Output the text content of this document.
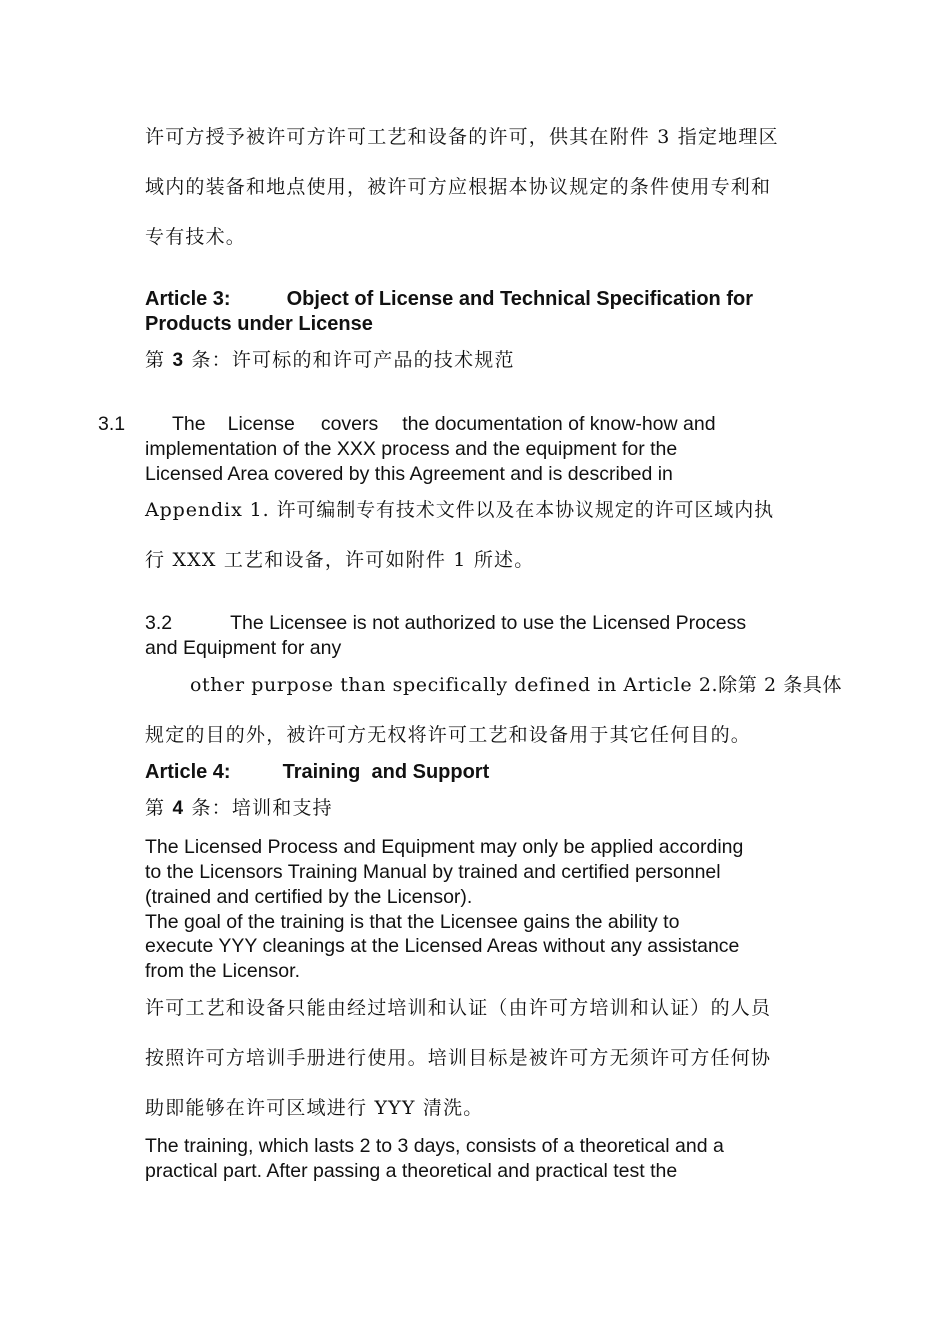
许可方授予被许可方许可工艺和设备的许可，供其在附件 3 指定地理区
域内的装备和地点使用，被许可方应根据本协议规定的条件使用专利和
专有技术。
Article 3:	Object of License and Technical Specification for
Products under License
第 3 条：许可标的和许可产品的技术规范
3.1 The License covers the documentation of know-how and
implementation of the XXX process and the equipment for the
Licensed Area covered by this Agreement and is described in
Appendix 1. 许可编制专有技术文件以及在本协议规定的许可区域内执
行 XXX 工艺和设备，许可如附件 1 所述。
3.2	The Licensee is not authorized to use the Licensed Process
and Equipment for any
other purpose than specifically defined in Article 2.除第 2 条具体
规定的目的外，被许可方无权将许可工艺和设备用于其它任何目的。
Article 4:	Training  and Support
第 4 条：培训和支持
The Licensed Process and Equipment may only be applied according
to the Licensors Training Manual by trained and certified personnel
(trained and certified by the Licensor).
The goal of the training is that the Licensee gains the ability to
execute YYY cleanings at the Licensed Areas without any assistance
from the Licensor.
许可工艺和设备只能由经过培训和认证（由许可方培训和认证）的人员
按照许可方培训手册进行使用。培训目标是被许可方无须许可方任何协
助即能够在许可区域进行 YYY 清洗。
The training, which lasts 2 to 3 days, consists of a theoretical and a
practical part. After passing a theoretical and practical test the
